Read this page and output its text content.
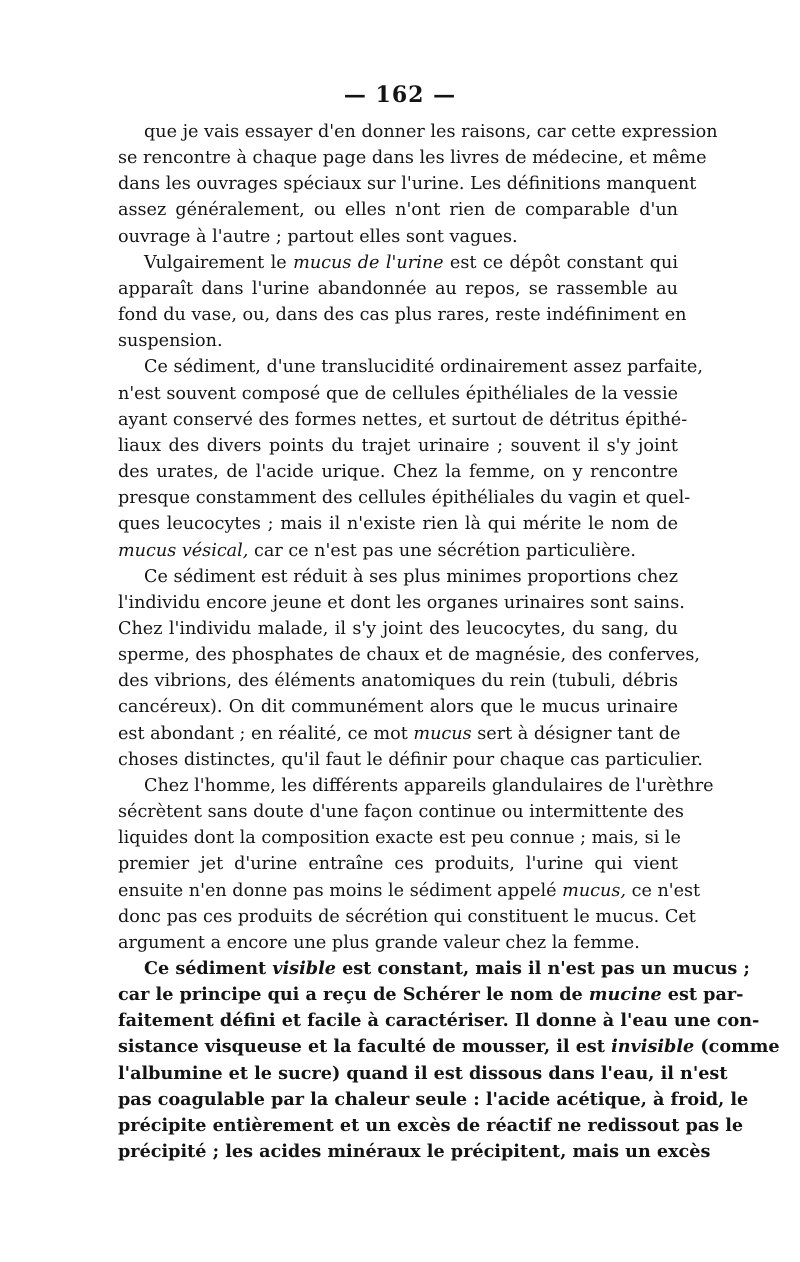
— 162 —
que je vais essayer d'en donner les raisons, car cette expression
se rencontre à chaque page dans les livres de médecine, et même
dans les ouvrages spéciaux sur l'urine. Les définitions manquent
assez généralement, ou elles n'ont rien de comparable d'un
ouvrage à l'autre ; partout elles sont vagues.
Vulgairement le mucus de l'urine est ce dépôt constant qui
apparaît dans l'urine abandonnée au repos, se rassemble au
fond du vase, ou, dans des cas plus rares, reste indéfiniment en
suspension.
Ce sédiment, d'une translucidité ordinairement assez parfaite,
n'est souvent composé que de cellules épithéliales de la vessie
ayant conservé des formes nettes, et surtout de détritus épithé-
liaux des divers points du trajet urinaire ; souvent il s'y joint
des urates, de l'acide urique. Chez la femme, on y rencontre
presque constamment des cellules épithéliales du vagin et quel-
ques leucocytes ; mais il n'existe rien là qui mérite le nom de
mucus vésical, car ce n'est pas une sécrétion particulière.
Ce sédiment est réduit à ses plus minimes proportions chez
l'individu encore jeune et dont les organes urinaires sont sains.
Chez l'individu malade, il s'y joint des leucocytes, du sang, du
sperme, des phosphates de chaux et de magnésie, des conferves,
des vibrions, des éléments anatomiques du rein (tubuli, débris
cancéreux). On dit communément alors que le mucus urinaire
est abondant ; en réalité, ce mot mucus sert à désigner tant de
choses distinctes, qu'il faut le définir pour chaque cas particulier.
Chez l'homme, les différents appareils glandulaires de l'urèthre
sécrètent sans doute d'une façon continue ou intermittente des
liquides dont la composition exacte est peu connue ; mais, si le
premier jet d'urine entraîne ces produits, l'urine qui vient
ensuite n'en donne pas moins le sédiment appelé mucus, ce n'est
donc pas ces produits de sécrétion qui constituent le mucus. Cet
argument a encore une plus grande valeur chez la femme.
Ce sédiment visible est constant, mais il n'est pas un mucus ;
car le principe qui a reçu de Schérer le nom de mucine est par-
faitement défini et facile à caractériser. Il donne à l'eau une con-
sistance visqueuse et la faculté de mousser, il est invisible (comme
l'albumine et le sucre) quand il est dissous dans l'eau, il n'est
pas coagulable par la chaleur seule : l'acide acétique, à froid, le
précipite entièrement et un excès de réactif ne redissout pas le
précipité ; les acides minéraux le précipitent, mais un excès
